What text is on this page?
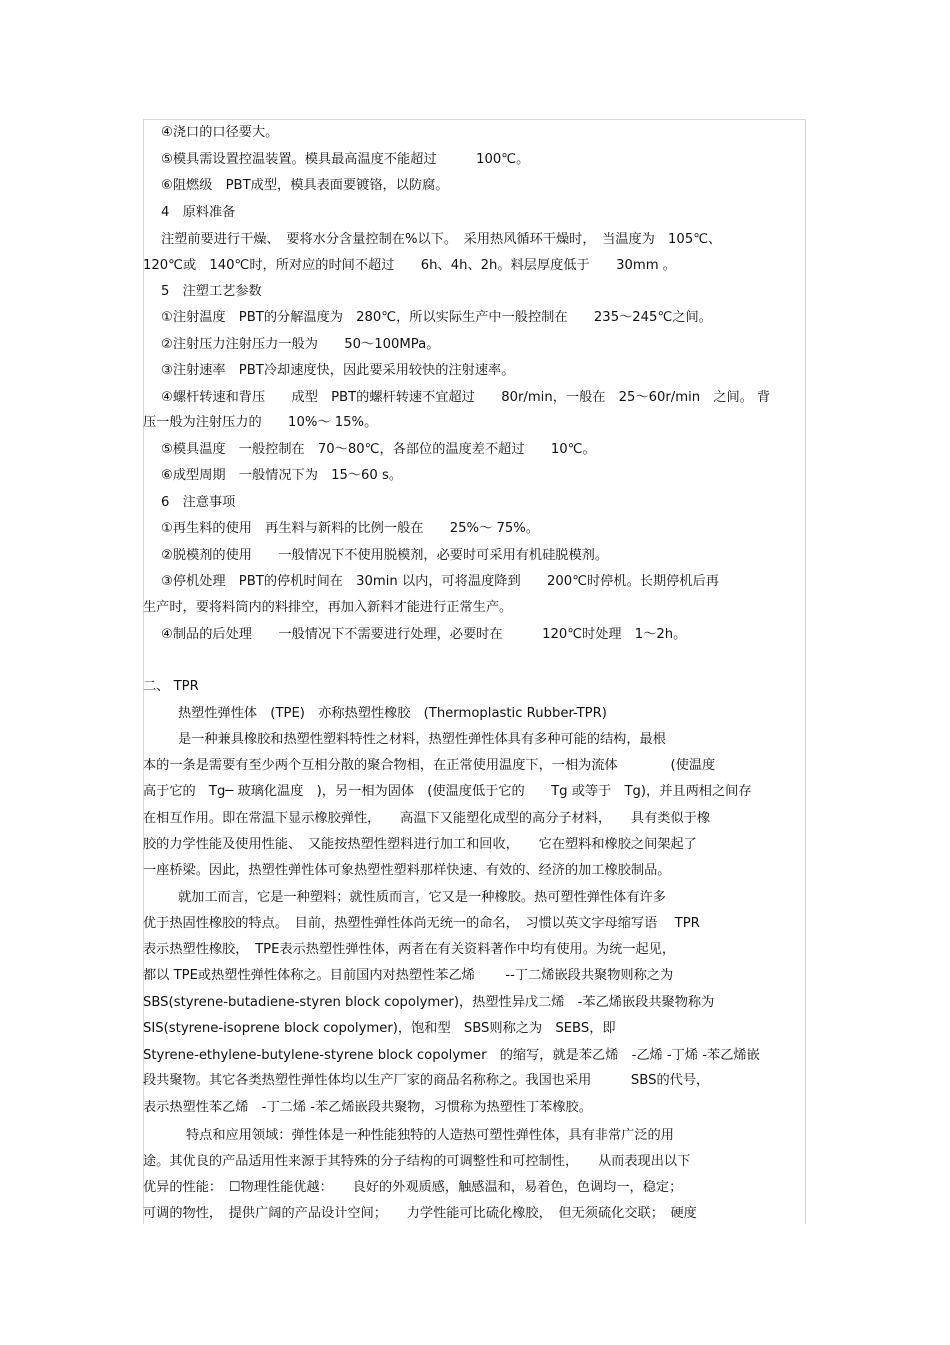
④浇口的口径要大。
⑤模具需设置控温装置。模具最高温度不能超过　　　100℃。
⑥阻燃级　PBT成型，模具表面要镀铬，以防腐。
4　原料准备
注塑前要进行干燥、　要将水分含量控制在%以下。　采用热风循环干燥时，　当温度为　105℃、
120℃或　140℃时，所对应的时间不超过　　6h、4h、2h。料层厚度低于　　30mm 。
5　注塑工艺参数
①注射温度　PBT的分解温度为　280℃，所以实际生产中一般控制在　　235～245℃之间。
②注射压力注射压力一般为　　50～100MPa。
③注射速率　PBT冷却速度快，因此要采用较快的注射速率。
④螺杆转速和背压　　成型　PBT的螺杆转速不宜超过　　80r/min，一般在　25～60r/min　之间。 背
压一般为注射压力的　　10%～ 15%。
⑤模具温度　一般控制在　70～80℃，各部位的温度差不超过　　10℃。
⑥成型周期　一般情况下为　15～60 s。
6　注意事项
①再生料的使用　再生料与新料的比例一般在　　25%～ 75%。
②脱模剂的使用　　一般情况下不使用脱模剂，必要时可采用有机硅脱模剂。
③停机处理　PBT的停机时间在　30min 以内，可将温度降到　　200℃时停机。长期停机后再
生产时，要将料筒内的料排空，再加入新料才能进行正常生产。
④制品的后处理　　一般情况下不需要进行处理，必要时在　　　120℃时处理　1～2h。
二、 TPR
热塑性弹性体　(TPE)　亦称热塑性橡胶　(Thermoplastic Rubber-TPR)
是一种兼具橡胶和热塑性塑料特性之材料，热塑性弹性体具有多种可能的结构，最根
本的一条是需要有至少两个互相分散的聚合物相，在正常使用温度下，一相为流体　　　　(使温度
高于它的　Tg─ 玻璃化温度　)，另一相为固体　(使温度低于它的　　Tg 或等于　Tg)，并且两相之间存
在相互作用。即在常温下显示橡胶弹性，　　高温下又能塑化成型的高分子材料，　　具有类似于橡
胶的力学性能及使用性能、　又能按热塑性塑料进行加工和回收，　　它在塑料和橡胶之间架起了
一座桥梁。因此，热塑性弹性体可象热塑性塑料那样快速、有效的、经济的加工橡胶制品。
就加工而言，它是一种塑料；就性质而言，它又是一种橡胶。热可塑性弹性体有许多
优于热固性橡胶的特点。　目前，热塑性弹性体尚无统一的命名，　习惯以英文字母缩写语　 TPR
表示热塑性橡胶，　TPE表示热塑性弹性体，两者在有关资料著作中均有使用。为统一起见，
都以 TPE或热塑性弹性体称之。目前国内对热塑性苯乙烯　　 --丁二烯嵌段共聚物则称之为
SBS(styrene-butadiene-styren block copolymer)，热塑性异戊二烯　-苯乙烯嵌段共聚物称为
SIS(styrene-isoprene block copolymer)，饱和型　SBS则称之为　SEBS，即
Styrene-ethylene-butylene-styrene block copolymer　的缩写，就是苯乙烯　-乙烯 -丁烯 -苯乙烯嵌
段共聚物。其它各类热塑性弹性体均以生产厂家的商品名称称之。我国也采用　　　SBS的代号，
表示热塑性苯乙烯　-丁二烯 -苯乙烯嵌段共聚物，习惯称为热塑性丁苯橡胶。
特点和应用领域：弹性体是一种性能独特的人造热可塑性弹性体，具有非常广泛的用
途。其优良的产品适用性来源于其特殊的分子结构的可调整性和可控制性，　　从而表现出以下
优异的性能：　☐物理性能优越：　　良好的外观质感，触感温和，易着色，色调均一，稳定；
可调的物性，　提供广阔的产品设计空间；　　力学性能可比硫化橡胶，　但无须硫化交联；　硬度
